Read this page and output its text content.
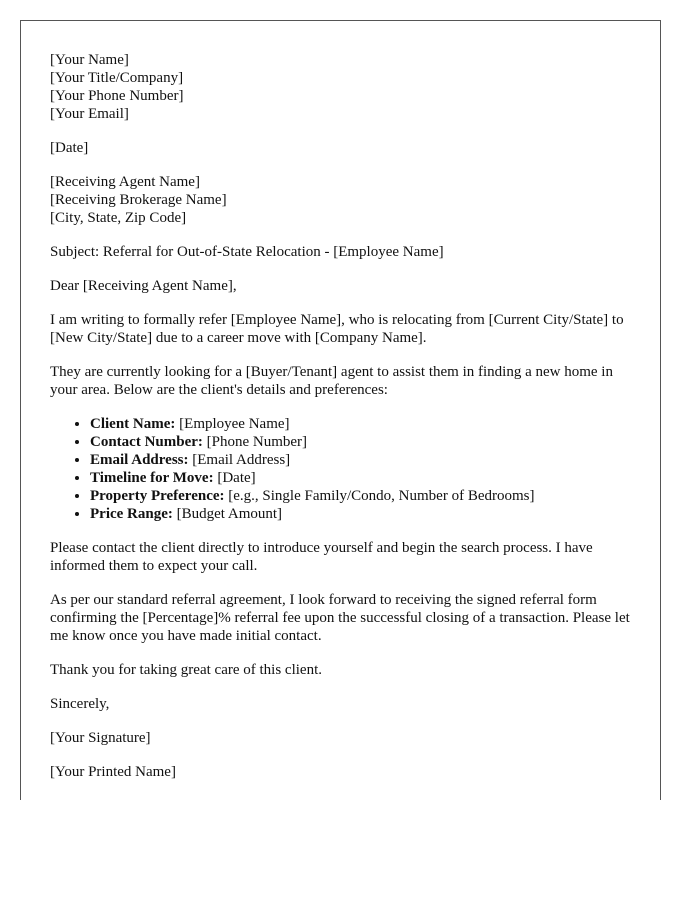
[Your Name]
[Your Title/Company]
[Your Phone Number]
[Your Email]

[Date]

[Receiving Agent Name]
[Receiving Brokerage Name]
[City, State, Zip Code]

Subject: Referral for Out-of-State Relocation - [Employee Name]

Dear [Receiving Agent Name],

I am writing to formally refer [Employee Name], who is relocating from [Current City/State] to [New City/State] due to a career move with [Company Name].

They are currently looking for a [Buyer/Tenant] agent to assist them in finding a new home in your area. Below are the client's details and preferences:

• Client Name: [Employee Name]
• Contact Number: [Phone Number]
• Email Address: [Email Address]
• Timeline for Move: [Date]
• Property Preference: [e.g., Single Family/Condo, Number of Bedrooms]
• Price Range: [Budget Amount]

Please contact the client directly to introduce yourself and begin the search process. I have informed them to expect your call.

As per our standard referral agreement, I look forward to receiving the signed referral form confirming the [Percentage]% referral fee upon the successful closing of a transaction. Please let me know once you have made initial contact.

Thank you for taking great care of this client.

Sincerely,

[Your Signature]

[Your Printed Name]
